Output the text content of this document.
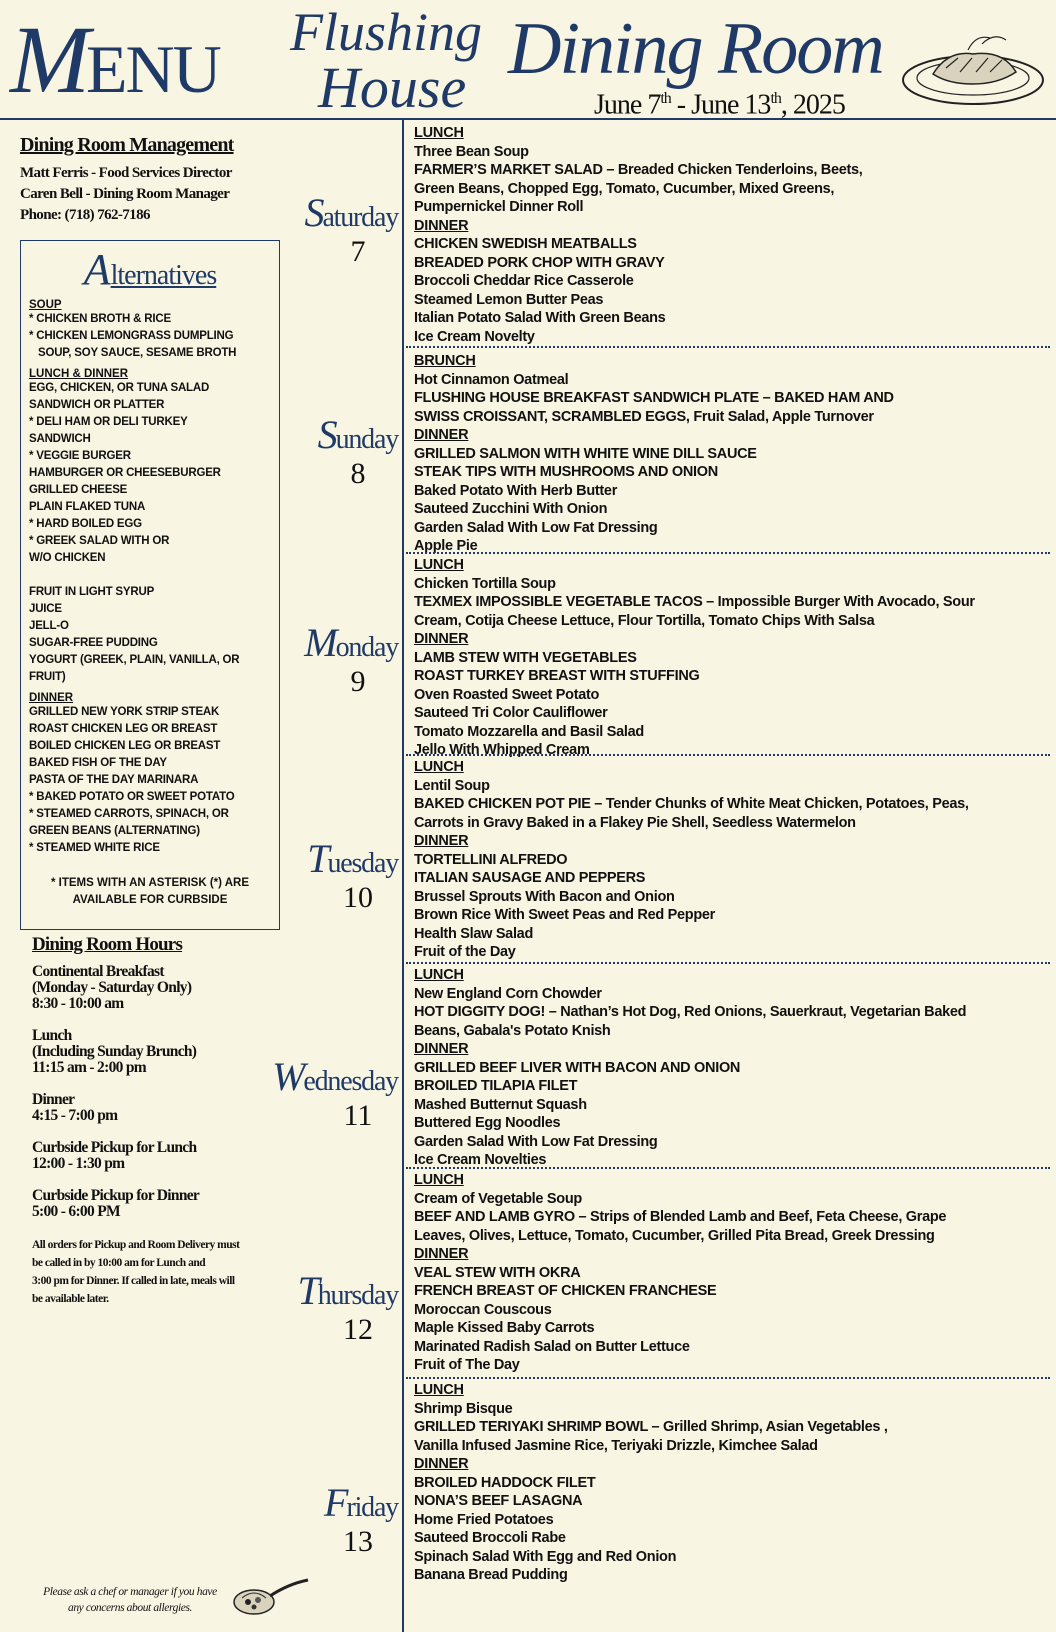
MENU Flushing
House Dining Room
June 7th - June 13th, 2025
Dining Room Management
Matt Ferris - Food Services Director
Caren Bell - Dining Room Manager
Phone: (718) 762-7186
Alternatives
SOUP
* CHICKEN BROTH & RICE
* CHICKEN LEMONGRASS DUMPLING
SOUP, SOY SAUCE, SESAME BROTH
LUNCH & DINNER
EGG, CHICKEN, OR TUNA SALAD
SANDWICH OR PLATTER
* DELI HAM OR DELI TURKEY
SANDWICH
* VEGGIE BURGER
HAMBURGER OR CHEESEBURGER
GRILLED CHEESE
PLAIN FLAKED TUNA
* HARD BOILED EGG
* GREEK SALAD WITH OR
W/O CHICKEN
FRUIT IN LIGHT SYRUP
JUICE
JELL-O
SUGAR-FREE PUDDING
YOGURT (GREEK, PLAIN, VANILLA, OR
FRUIT)
DINNER
GRILLED NEW YORK STRIP STEAK
ROAST CHICKEN LEG OR BREAST
BOILED CHICKEN LEG OR BREAST
BAKED FISH OF THE DAY
PASTA OF THE DAY MARINARA
* BAKED POTATO OR SWEET POTATO
* STEAMED CARROTS, SPINACH, OR
GREEN BEANS (ALTERNATING)
* STEAMED WHITE RICE
* ITEMS WITH AN ASTERISK (*) ARE
AVAILABLE FOR CURBSIDE
Dining Room Hours
Continental Breakfast
(Monday - Saturday Only)
8:30 - 10:00 am
Lunch
(Including Sunday Brunch)
11:15 am - 2:00 pm
Dinner
4:15 - 7:00 pm
Curbside Pickup for Lunch
12:00 - 1:30 pm
Curbside Pickup for Dinner
5:00 - 6:00 PM
All orders for Pickup and Room Delivery must
be called in by 10:00 am for Lunch and
3:00 pm for Dinner. If called in late, meals will
be available later.
Please ask a chef or manager if you have
any concerns about allergies.
Saturday
7
LUNCH
Three Bean Soup
FARMER’S MARKET SALAD – Breaded Chicken Tenderloins, Beets,
Green Beans, Chopped Egg, Tomato, Cucumber, Mixed Greens,
Pumpernickel Dinner Roll
DINNER
CHICKEN SWEDISH MEATBALLS
BREADED PORK CHOP WITH GRAVY
Broccoli Cheddar Rice Casserole
Steamed Lemon Butter Peas
Italian Potato Salad With Green Beans
Ice Cream Novelty
Sunday
8
BRUNCH
Hot Cinnamon Oatmeal
FLUSHING HOUSE BREAKFAST SANDWICH PLATE – BAKED HAM AND
SWISS CROISSANT, SCRAMBLED EGGS, Fruit Salad, Apple Turnover
DINNER
GRILLED SALMON WITH WHITE WINE DILL SAUCE
STEAK TIPS WITH MUSHROOMS AND ONION
Baked Potato With Herb Butter
Sauteed Zucchini With Onion
Garden Salad With Low Fat Dressing
Apple Pie
Monday
9
LUNCH
Chicken Tortilla Soup
TEXMEX IMPOSSIBLE VEGETABLE TACOS – Impossible Burger With Avocado, Sour
Cream, Cotija Cheese Lettuce, Flour Tortilla, Tomato Chips With Salsa
DINNER
LAMB STEW WITH VEGETABLES
ROAST TURKEY BREAST WITH STUFFING
Oven Roasted Sweet Potato
Sauteed Tri Color Cauliflower
Tomato Mozzarella and Basil Salad
Jello With Whipped Cream
Tuesday
10
LUNCH
Lentil Soup
BAKED CHICKEN POT PIE – Tender Chunks of White Meat Chicken, Potatoes, Peas,
Carrots in Gravy Baked in a Flakey Pie Shell, Seedless Watermelon
DINNER
TORTELLINI ALFREDO
ITALIAN SAUSAGE AND PEPPERS
Brussel Sprouts With Bacon and Onion
Brown Rice With Sweet Peas and Red Pepper
Health Slaw Salad
Fruit of the Day
Wednesday
11
LUNCH
New England Corn Chowder
HOT DIGGITY DOG! – Nathan’s Hot Dog, Red Onions, Sauerkraut, Vegetarian Baked
Beans, Gabala's Potato Knish
DINNER
GRILLED BEEF LIVER WITH BACON AND ONION
BROILED TILAPIA FILET
Mashed Butternut Squash
Buttered Egg Noodles
Garden Salad With Low Fat Dressing
Ice Cream Novelties
Thursday
12
LUNCH
Cream of Vegetable Soup
BEEF AND LAMB GYRO – Strips of Blended Lamb and Beef, Feta Cheese, Grape
Leaves, Olives, Lettuce, Tomato, Cucumber, Grilled Pita Bread, Greek Dressing
DINNER
VEAL STEW WITH OKRA
FRENCH BREAST OF CHICKEN FRANCHESE
Moroccan Couscous
Maple Kissed Baby Carrots
Marinated Radish Salad on Butter Lettuce
Fruit of The Day
Friday
13
LUNCH
Shrimp Bisque
GRILLED TERIYAKI SHRIMP BOWL – Grilled Shrimp, Asian Vegetables ,
Vanilla Infused Jasmine Rice, Teriyaki Drizzle, Kimchee Salad
DINNER
BROILED HADDOCK FILET
NONA’S BEEF LASAGNA
Home Fried Potatoes
Sauteed Broccoli Rabe
Spinach Salad With Egg and Red Onion
Banana Bread Pudding
